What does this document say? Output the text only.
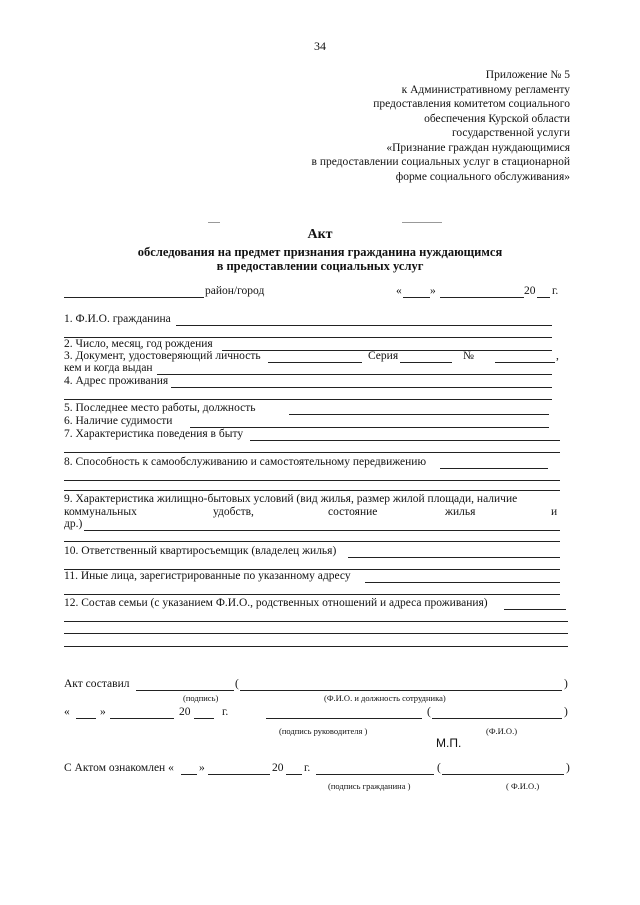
34
Приложение № 5
к Административному регламенту
предоставления комитетом социального
обеспечения Курской области
государственной услуги
«Признание граждан нуждающимися
в предоставлении социальных услуг в стационарной
форме социального обслуживания»
Акт
обследования на предмет признания гражданина нуждающимся
в предоставлении социальных услуг
район/город	« »	20 г.
1. Ф.И.О. гражданина
2. Число, месяц, год рождения
3. Документ, удостоверяющий личность	Серия	№	,
кем и когда выдан
4. Адрес проживания
5. Последнее место работы, должность
6. Наличие судимости
7. Характеристика поведения в быту
8. Способность к самообслуживанию и самостоятельному передвижению
9. Характеристика жилищно-бытовых условий (вид жилья, размер жилой площади, наличие
коммунальных	удобств,	состояние	жилья	и
др.)
10. Ответственный квартиросъемщик (владелец жилья)
11. Иные лица, зарегистрированные по указанному адресу
12. Состав семьи (с указанием Ф.И.О., родственных отношений и адреса проживания)
Акт составил	(	)
(подпись)	(Ф.И.О. и должность сотрудника)
«	»	20	г.	(	)
(подпись руководителя )	(Ф.И.О.)
М.П.
С Актом ознакомлен « »	20 г.	(	)
(подпись гражданина )	( Ф.И.О.)
